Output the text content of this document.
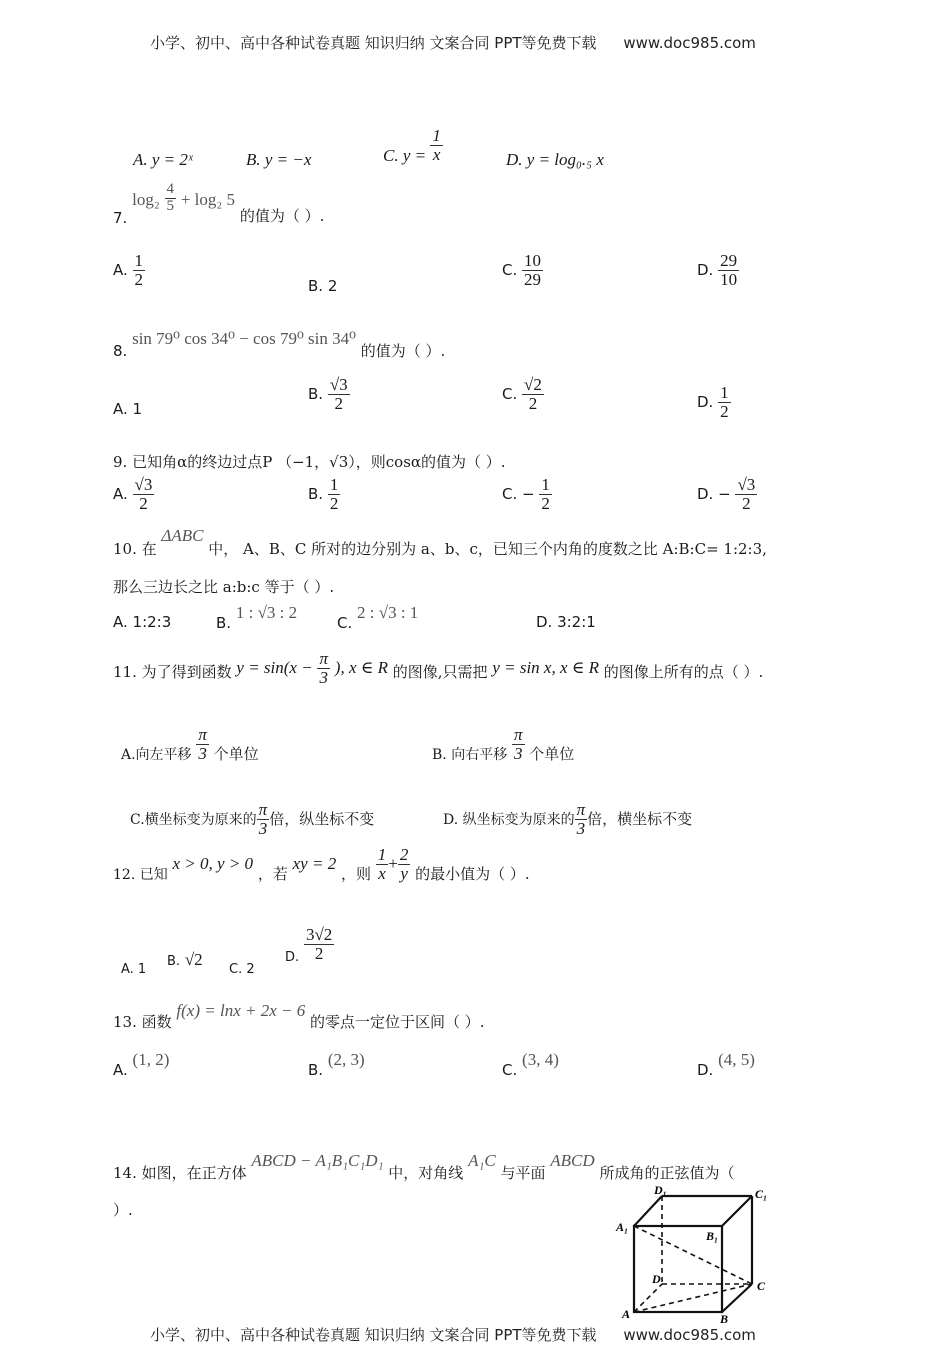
小学、初中、高中各种试卷真题 知识归纳 文案合同 PPT等免费下载 www.doc985.com
A. y = 2ˣ	B. y = −x	C. $y = \frac{1}{x}$	D. y = log₀.₅ x
7. $\log_2 \frac{4}{5} + \log_2$ 5 的值为（ ）.
A. $\frac{1}{2}$	B. 2
C. $\frac{10}{29}$	D. $\frac{29}{10}$
8. sin 79⁰ cos 34⁰ − cos 79⁰ sin 34⁰ 的值为（ ）.
A. 1
B. $\frac{√3}{2}$	C. $\frac{√2}{2}$	D. $\frac{1}{2}$
9. 已知角α的终边过点P （−1，√3），则cosα的值为（ ）.
A. $\frac{√3}{2}$	B. $\frac{1}{2}$	C. − $\frac{1}{2}$	D. − $\frac{√3}{2}$
10. 在 ΔABC 中， A、B、C 所对的边分别为 a、b、c，已知三个内角的度数之比 A:B:C= 1:2:3,
那么三边长之比 a:b:c 等于（ ）.
A. 1:2:3	B. 1 : √3 : 2
C. 2 : √3 : 1	D. 3:2:1
11. 为了得到函数 $y = \sin(x - \frac{\pi}{3}$ ), x ∈ R 的图像,只需把 y = sin x, x ∈ R 的图像上所有的点（ ）.
A.向左平移 $\frac{\pi}{3}$ 个单位	B. 向右平移 $\frac{\pi}{3}$ 个单位
C.横坐标变为原来的 $\frac{\pi}{3}$ 倍，纵坐标不变	D. 纵坐标变为原来的 $\frac{\pi}{3}$ 倍，横坐标不变
12. 已知 x > 0, y > 0 ，若 xy = 2 ，则 $\frac{1}{x} + \frac{2}{y}$ 的最小值为（ ）.
A. 1
B. √2
C. 2
D. $\frac{3√2}{2}$
13. 函数 f(x) = lnx + 2x − 6 的零点一定位于区间（ ）.
A. (1, 2)
B. (2, 3)
C. (3, 4)
D. (4, 5)
14. 如图，在正方体 ABCD − A₁B₁C₁D₁ 中，对角线 A₁C 与平面 ABCD 所成角的正弦值为（
）.
D₁	C₁
A₁
B₁
D	C
A	B
小学、初中、高中各种试卷真题 知识归纳 文案合同 PPT等免费下载 www.doc985.com
